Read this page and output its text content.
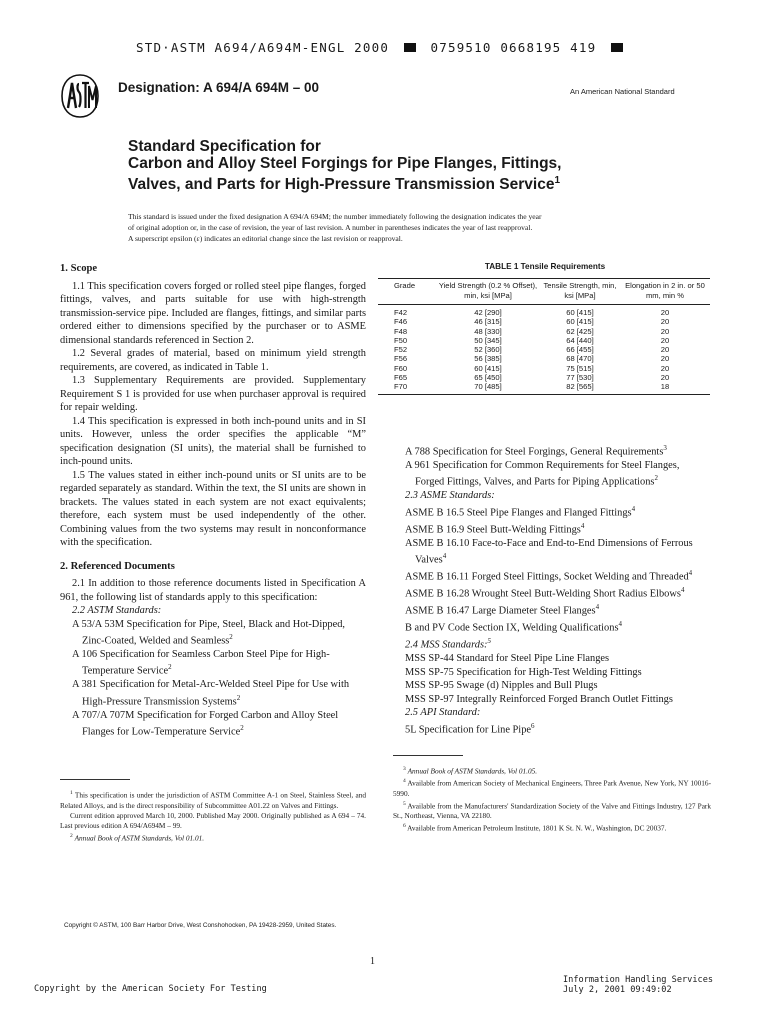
STD·ASTM A694/A694M-ENGL 2000	0759510 0668195 419
Designation: A 694/A 694M – 00	An American National Standard
Standard Specification for
Carbon and Alloy Steel Forgings for Pipe Flanges, Fittings,
Valves, and Parts for High-Pressure Transmission Service$^1$

This standard is issued under the fixed designation A 694/A 694M; the number immediately following the designation indicates the year

of original adoption or, in the case of revision, the year of last revision. A number in parentheses indicates the year of last reapproval.

A superscript epsilon (ε) indicates an editorial change since the last revision or reapproval.

1. Scope

1.1 This specification covers forged or rolled steel pipe flanges, forged fittings, valves, and parts suitable for use with high-strength transmission-service pipe. Included are flanges, fittings, and similar parts ordered either to dimensions specified by the purchaser or to ASME dimensional standards referenced in Section 2.

1.2 Several grades of material, based on minimum yield strength requirements, are covered, as indicated in Table 1.

1.3 Supplementary Requirements are provided. Supplementary Requirement S 1 is provided for use when purchaser approval is required for repair welding.

1.4 This specification is expressed in both inch-pound units and in SI units. However, unless the order specifies the applicable “M” specification designation (SI units), the material shall be furnished to inch-pound units.

1.5 The values stated in either inch-pound units or SI units are to be regarded separately as standard. Within the text, the SI units are shown in brackets. The values stated in each system are not exact equivalents; therefore, each system must be used independently of the other. Combining values from the two systems may result in nonconformance with the specification.

2. Referenced Documents

2.1 In addition to those reference documents listed in Specification A 961, the following list of standards apply to this specification:

2.2 ASTM Standards:

A 53/A 53M Specification for Pipe, Steel, Black and Hot-Dipped, Zinc-Coated, Welded and Seamless$^2$

A 106 Specification for Seamless Carbon Steel Pipe for High-Temperature Service$^2$

A 381 Specification for Metal-Arc-Welded Steel Pipe for Use with High-Pressure Transmission Systems$^2$

A 707/A 707M Specification for Forged Carbon and Alloy Steel Flanges for Low-Temperature Service$^2$

$^1$ This specification is under the jurisdiction of ASTM Committee A-1 on Steel, Stainless Steel, and Related Alloys, and is the direct responsibility of Subcommittee A01.22 on Valves and Fittings.

Current edition approved March 10, 2000. Published May 2000. Originally published as A 694 – 74. Last previous edition A 694/A694M – 99.

$^2$ Annual Book of ASTM Standards, Vol 01.01.

TABLE 1 Tensile Requirements
Grade	Yield Strength (0.2 % Offset), min, ksi [MPa]	Tensile Strength, min, ksi [MPa]	Elongation in 2 in. or 50 mm, min %
F42	42 [290]	60 [415]	20
F46	46 [315]	60 [415]	20
F48	48 [330]	62 [425]	20
F50	50 [345]	64 [440]	20
F52	52 [360]	66 [455]	20
F56	56 [385]	68 [470]	20
F60	60 [415]	75 [515]	20
F65	65 [450]	77 [530]	20
F70	70 [485]	82 [565]	18

A 788 Specification for Steel Forgings, General Requirements$^3$

A 961 Specification for Common Requirements for Steel Flanges, Forged Fittings, Valves, and Parts for Piping Applications$^2$

2.3 ASME Standards:

ASME B 16.5 Steel Pipe Flanges and Flanged Fittings$^4$

ASME B 16.9 Steel Butt-Welding Fittings$^4$

ASME B 16.10 Face-to-Face and End-to-End Dimensions of Ferrous Valves$^4$

ASME B 16.11 Forged Steel Fittings, Socket Welding and Threaded$^4$

ASME B 16.28 Wrought Steel Butt-Welding Short Radius Elbows$^4$

ASME B 16.47 Large Diameter Steel Flanges$^4$

B and PV Code Section IX, Welding Qualifications$^4$

2.4 MSS Standards:$^5$

MSS SP-44 Standard for Steel Pipe Line Flanges

MSS SP-75 Specification for High-Test Welding Fittings

MSS SP-95 Swage (d) Nipples and Bull Plugs

MSS SP-97 Integrally Reinforced Forged Branch Outlet Fittings

2.5 API Standard:

5L Specification for Line Pipe$^6$

$^3$ Annual Book of ASTM Standards, Vol 01.05.

$^4$ Available from American Society of Mechanical Engineers, Three Park Avenue, New York, NY 10016-5990.

$^5$ Available from the Manufacturers' Standardization Society of the Valve and Fittings Industry, 127 Park St., Northeast, Vienna, VA 22180.

$^6$ Available from American Petroleum Institute, 1801 K St. N. W., Washington, DC 20037.

Copyright © ASTM, 100 Barr Harbor Drive, West Conshohocken, PA 19428-2959, United States.
1
Copyright by the American Society For Testing
Information Handling Services
July 2, 2001 09:49:02
